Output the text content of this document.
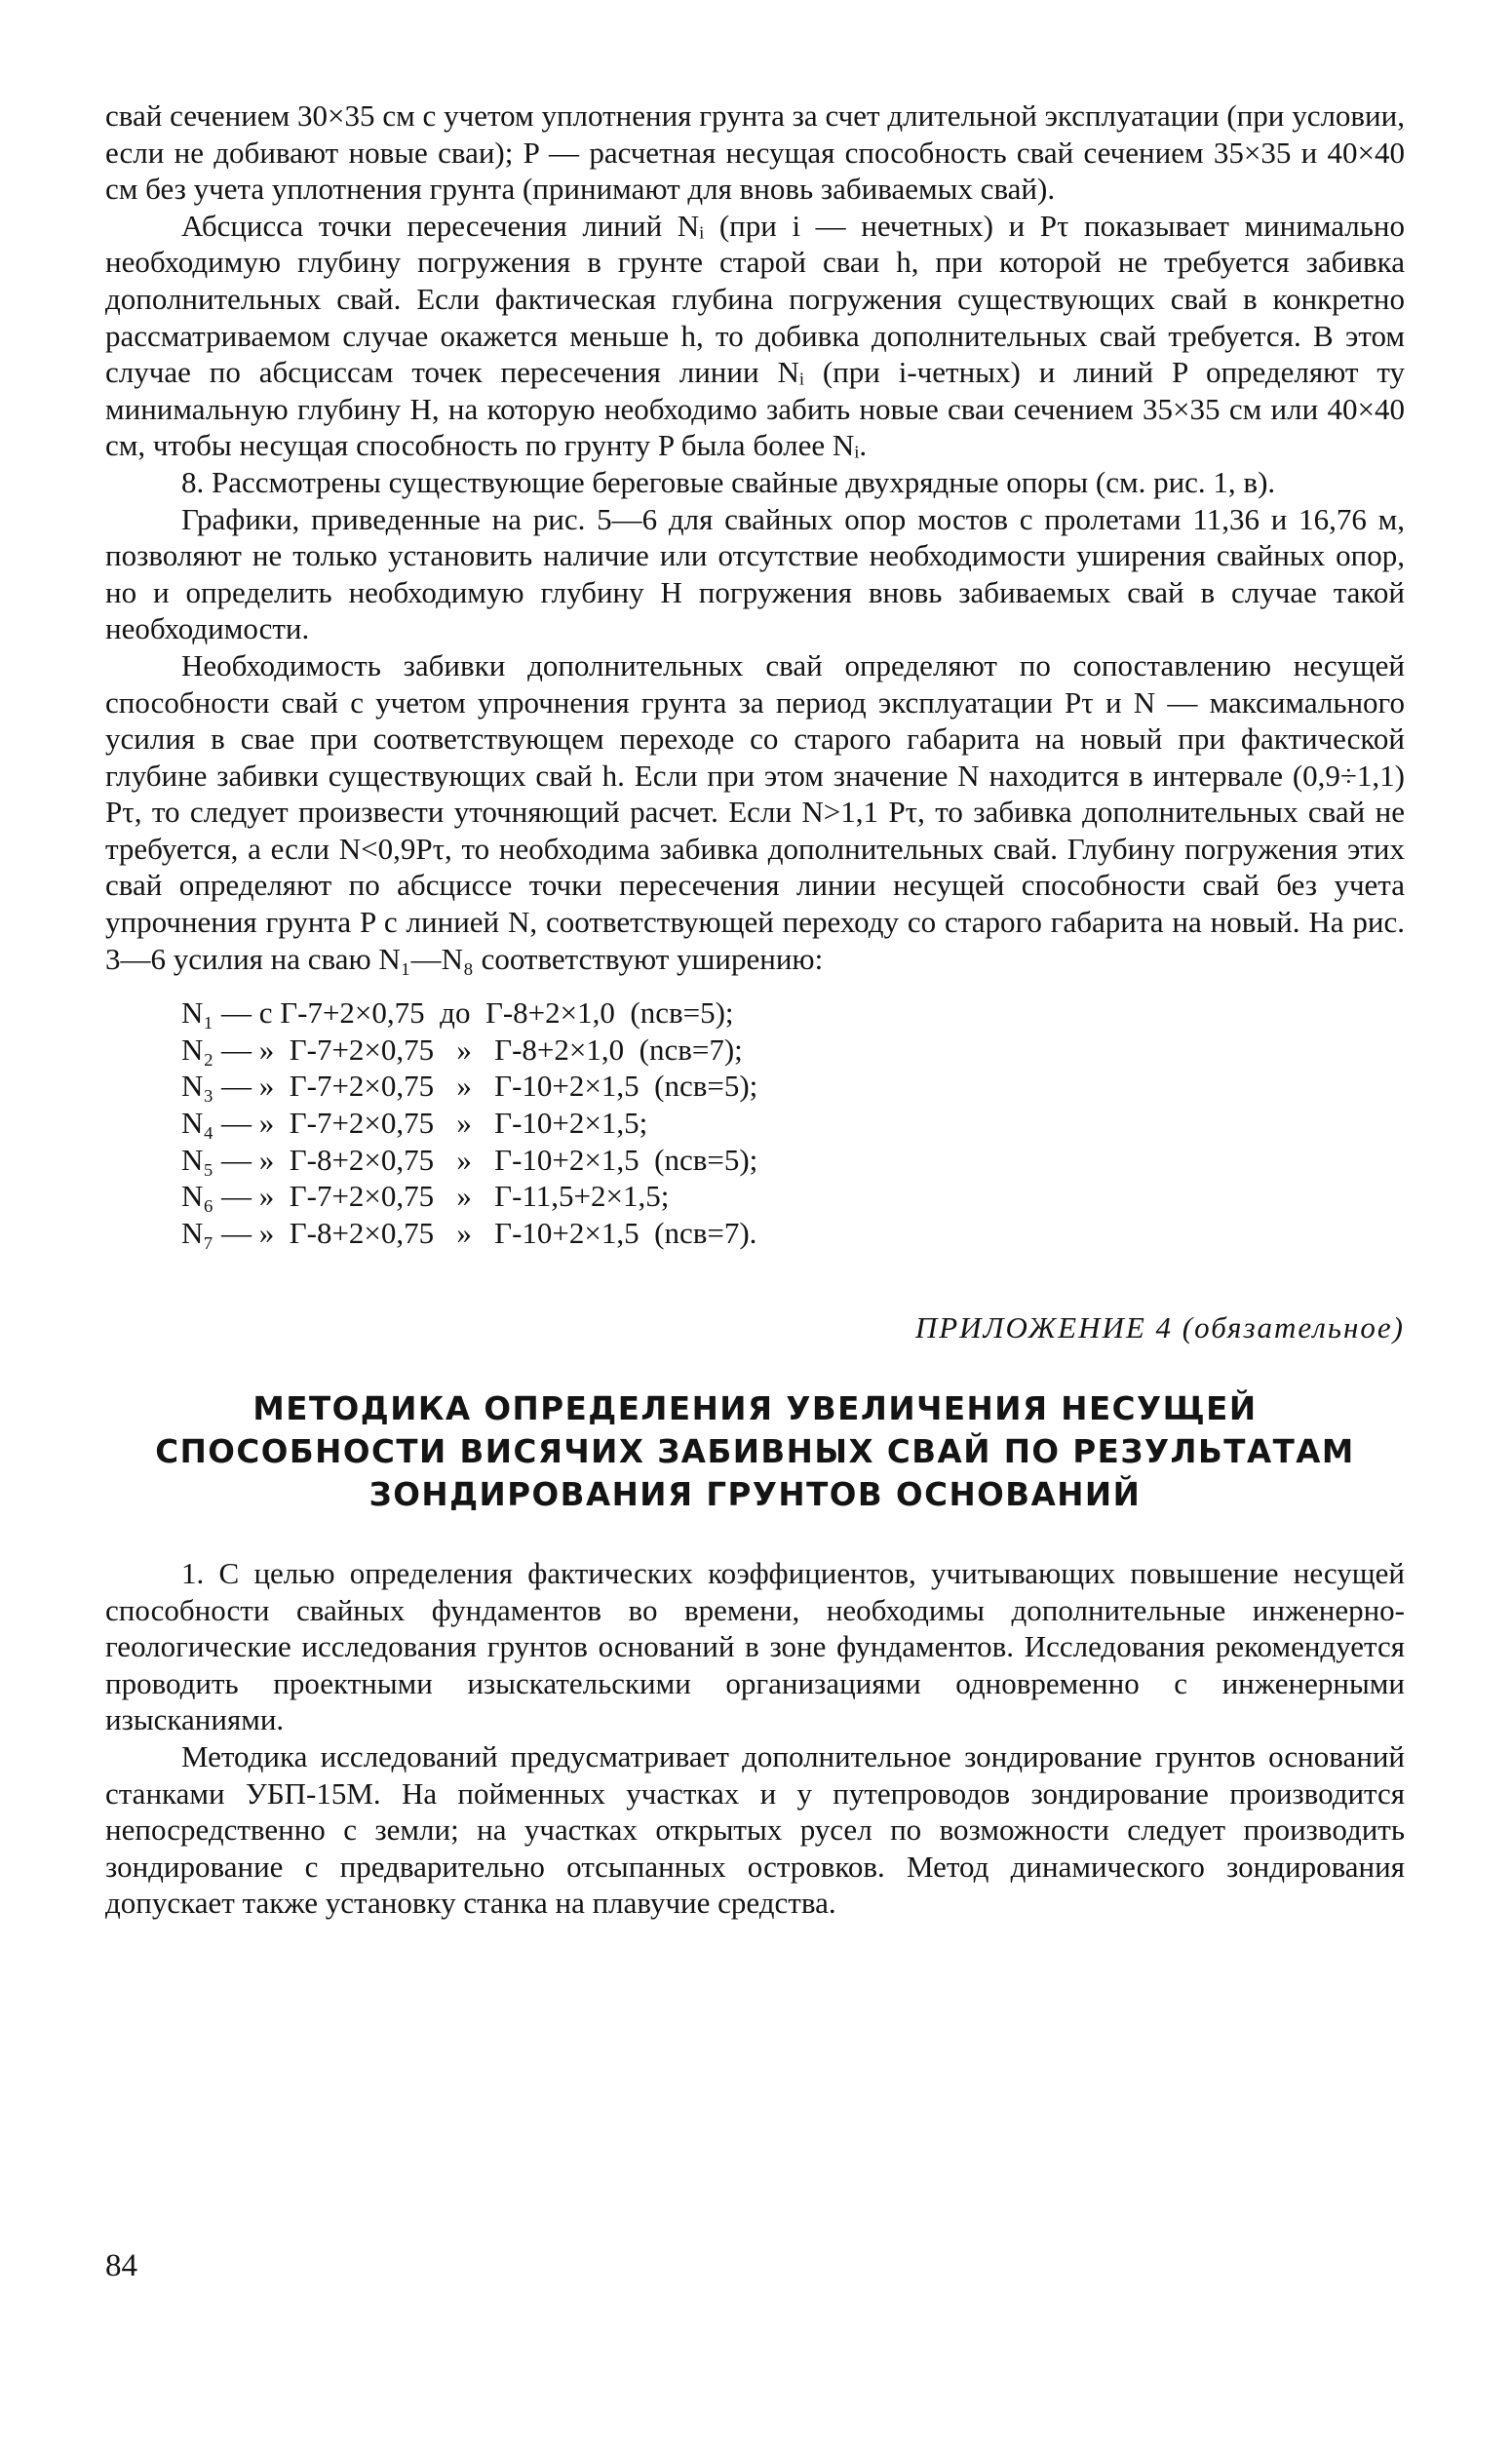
свай сечением 30×35 см с учетом уплотнения грунта за счет длительной эксплуатации (при условии, если не добивают новые сваи); P — расчетная несущая способность свай сечением 35×35 и 40×40 см без учета уплотнения грунта (принимают для вновь забиваемых свай).

Абсцисса точки пересечения линий Nᵢ (при i — нечетных) и Pτ показывает минимально необходимую глубину погружения в грунте старой сваи h, при которой не требуется забивка дополнительных свай. Если фактическая глубина погружения существующих свай в конкретно рассматриваемом случае окажется меньше h, то добивка дополнительных свай требуется. В этом случае по абсциссам точек пересечения линии Nᵢ (при i-четных) и линий P определяют ту минимальную глубину H, на которую необходимо забить новые сваи сечением 35×35 см или 40×40 см, чтобы несущая способность по грунту P была более Nᵢ.

8. Рассмотрены существующие береговые свайные двухрядные опоры (см. рис. 1, в).

Графики, приведенные на рис. 5—6 для свайных опор мостов с пролетами 11,36 и 16,76 м, позволяют не только установить наличие или отсутствие необходимости уширения свайных опор, но и определить необходимую глубину H погружения вновь забиваемых свай в случае такой необходимости.

Необходимость забивки дополнительных свай определяют по сопоставлению несущей способности свай с учетом упрочнения грунта за период эксплуатации Pτ и N — максимального усилия в свае при соответствующем переходе со старого габарита на новый при фактической глубине забивки существующих свай h. Если при этом значение N находится в интервале (0,9÷1,1) Pτ, то следует произвести уточняющий расчет. Если N>1,1 Pτ, то забивка дополнительных свай не требуется, а если N<0,9Pτ, то необходима забивка дополнительных свай. Глубину погружения этих свай определяют по абсциссе точки пересечения линии несущей способности свай без учета упрочнения грунта P с линией N, соответствующей переходу со старого габарита на новый. На рис. 3—6 усилия на сваю N₁—N₈ соответствуют уширению:

N₁ — с Г-7+2×0,75  до  Г-8+2×1,0  (nсв=5);
N₂ — »  Г-7+2×0,75   »   Г-8+2×1,0  (nсв=7);
N₃ — »  Г-7+2×0,75   »   Г-10+2×1,5  (nсв=5);
N₄ — »  Г-7+2×0,75   »   Г-10+2×1,5;
N₅ — »  Г-8+2×0,75   »   Г-10+2×1,5  (nсв=5);
N₆ — »  Г-7+2×0,75   »   Г-11,5+2×1,5;
N₇ — »  Г-8+2×0,75   »   Г-10+2×1,5  (nсв=7).
ПРИЛОЖЕНИЕ 4 (обязательное)
МЕТОДИКА ОПРЕДЕЛЕНИЯ УВЕЛИЧЕНИЯ НЕСУЩЕЙ СПОСОБНОСТИ ВИСЯЧИХ ЗАБИВНЫХ СВАЙ ПО РЕЗУЛЬТАТАМ ЗОНДИРОВАНИЯ ГРУНТОВ ОСНОВАНИЙ

1. С целью определения фактических коэффициентов, учитывающих повышение несущей способности свайных фундаментов во времени, необходимы дополнительные инженерно-геологические исследования грунтов оснований в зоне фундаментов. Исследования рекомендуется проводить проектными изыскательскими организациями одновременно с инженерными изысканиями.

Методика исследований предусматривает дополнительное зондирование грунтов оснований станками УБП-15М. На пойменных участках и у путепроводов зондирование производится непосредственно с земли; на участках открытых русел по возможности следует производить зондирование с предварительно отсыпанных островков. Метод динамического зондирования допускает также установку станка на плавучие средства.

84
